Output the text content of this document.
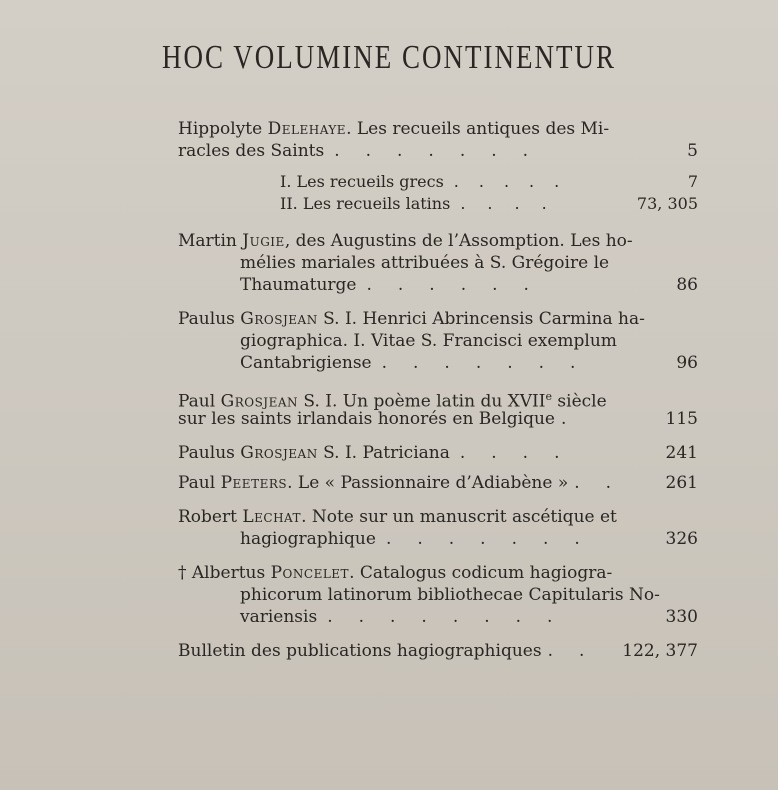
HOC VOLUMINE CONTINENTUR
Hippolyte Delehaye. Les recueils antiques des Mi-
racles des Saints .......	5
I. Les recueils grecs .....	7
II. Les recueils latins ....	73, 305
Martin Jugie, des Augustins de l’Assomption. Les ho-
mélies mariales attribuées à S. Grégoire le
Thaumaturge ......	86
Paulus Grosjean S. I. Henrici Abrincensis Carmina ha-
giographica. I. Vitae S. Francisci exemplum
Cantabrigiense .......	96
Paul Grosjean S. I. Un poème latin du XVIIe siècle
sur les saints irlandais honorés en Belgique .	115
Paulus Grosjean S. I. Patriciana ....	241
Paul Peeters. Le « Passionnaire d’Adiabène » .. 261
Robert Lechat. Note sur un manuscrit ascétique et
hagiographique .......	326
† Albertus Poncelet. Catalogus codicum hagiogra-
phicorum latinorum bibliothecae Capitularis No-
variensis ........	330
Bulletin des publications hagiographiques .. 122, 377
